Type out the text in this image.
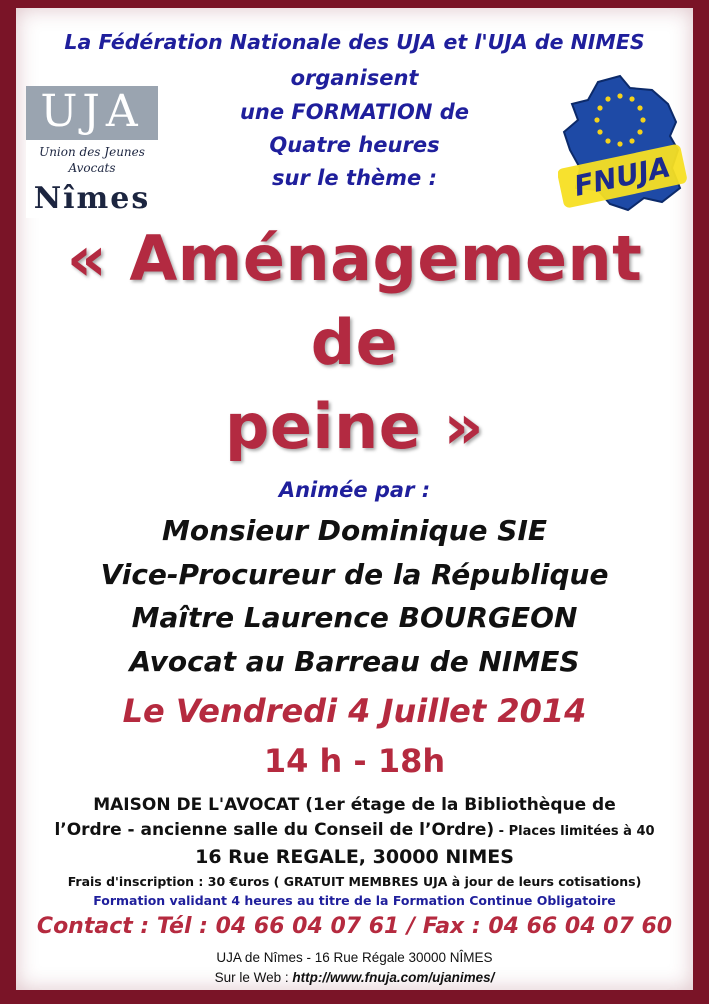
La Fédération Nationale des UJA et l'UJA de NIMES
organisent
une FORMATION de
Quatre heures
sur le thème :
UJA
Union des Jeunes
Avocats
Nîmes	FNUJA
« Aménagement
de
peine »
Animée par :
Monsieur Dominique SIE
Vice-Procureur de la République
Maître Laurence BOURGEON
Avocat au Barreau de NIMES
Le Vendredi 4 Juillet 2014
14 h - 18h
MAISON DE L'AVOCAT (1er étage de la Bibliothèque de
l’Ordre - ancienne salle du Conseil de l’Ordre) - Places limitées à 40
16 Rue REGALE, 30000 NIMES
Frais d'inscription : 30 €uros ( GRATUIT MEMBRES UJA à jour de leurs cotisations)
Formation validant 4 heures au titre de la Formation Continue Obligatoire
Contact : Tél : 04 66 04 07 61 / Fax : 04 66 04 07 60
UJA de Nîmes - 16 Rue Régale 30000 NÎMES
Sur le Web : http://www.fnuja.com/ujanimes/
